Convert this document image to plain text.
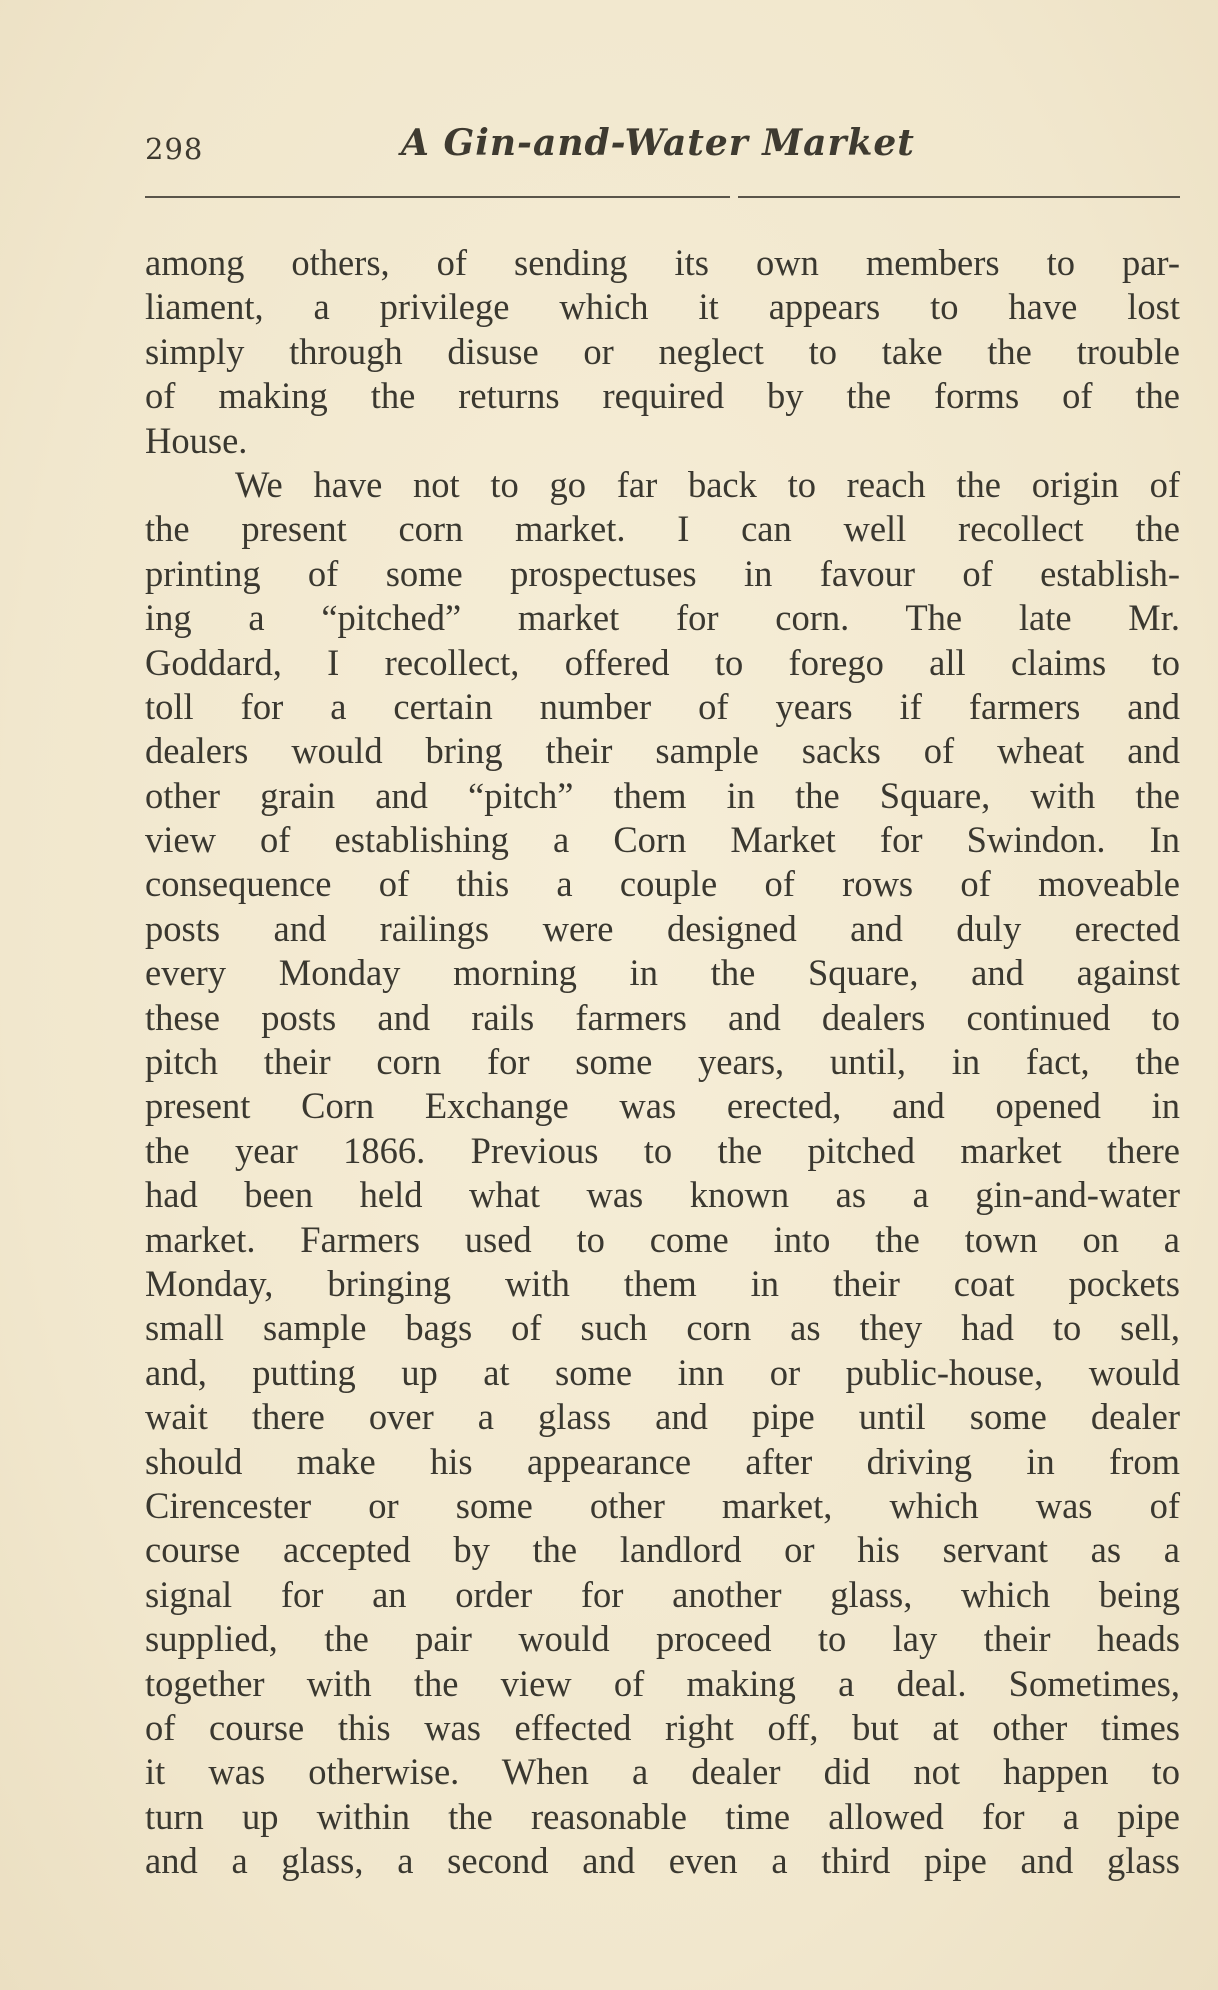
298	A Gin-and-Water Market
among others, of sending its own members to par-
liament, a privilege which it appears to have lost
simply through disuse or neglect to take the trouble
of making the returns required by the forms of the
House.
We have not to go far back to reach the origin of
the present corn market. I can well recollect the
printing of some prospectuses in favour of establish-
ing a “pitched” market for corn. The late Mr.
Goddard, I recollect, offered to forego all claims to
toll for a certain number of years if farmers and
dealers would bring their sample sacks of wheat and
other grain and “pitch” them in the Square, with the
view of establishing a Corn Market for Swindon. In
consequence of this a couple of rows of moveable
posts and railings were designed and duly erected
every Monday morning in the Square, and against
these posts and rails farmers and dealers continued to
pitch their corn for some years, until, in fact, the
present Corn Exchange was erected, and opened in
the year 1866. Previous to the pitched market there
had been held what was known as a gin-and-water
market. Farmers used to come into the town on a
Monday, bringing with them in their coat pockets
small sample bags of such corn as they had to sell,
and, putting up at some inn or public-house, would
wait there over a glass and pipe until some dealer
should make his appearance after driving in from
Cirencester or some other market, which was of
course accepted by the landlord or his servant as a
signal for an order for another glass, which being
supplied, the pair would proceed to lay their heads
together with the view of making a deal. Sometimes,
of course this was effected right off, but at other times
it was otherwise. When a dealer did not happen to
turn up within the reasonable time allowed for a pipe
and a glass, a second and even a third pipe and glass
